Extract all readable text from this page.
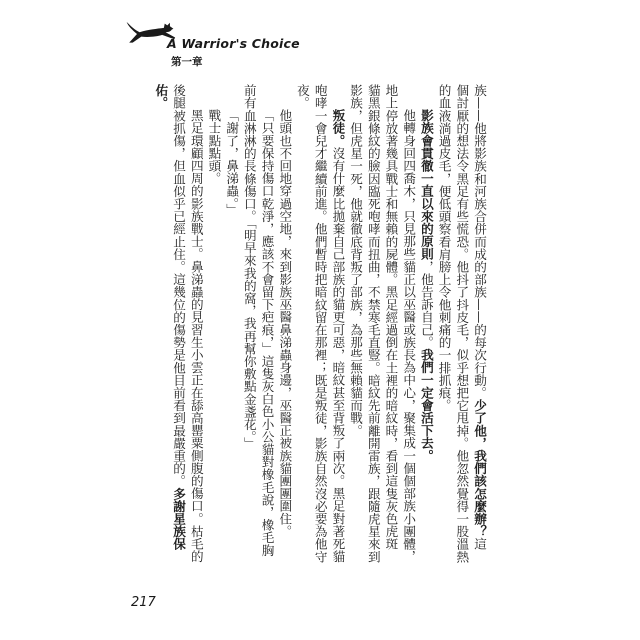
A Warrior's Choice
第一章
族——他將影族和河族合併而成的部族——的每次行動。少了他，我們該怎麼辦？這
個討厭的想法令黑足有些慌恐。他抖了抖皮毛，似乎想把它甩掉。他忽然覺得一股溫熱
的血液淌過皮毛，便低頭察看肩膀上令他刺痛的一排抓痕。
影族會貫徹一直以來的原則，他告訴自己。我們一定會活下去。
他轉身回四喬木，只見那些貓正以巫醫或族長為中心，聚集成一個個部族小團體，
地上停放著幾具戰士和無賴的屍體。黑足經過倒在土裡的暗紋時，看到這隻灰色虎斑
貓黑銀條紋的臉因臨死咆哮而扭曲，不禁寒毛直豎。暗紋先前離開雷族，跟隨虎星來到
影族，但虎星一死，他就徹底背叛了部族，為那些無賴貓而戰。
叛徒。沒有什麼比拋棄自己部族的貓更可惡，暗紋甚至背叛了兩次。黑足對著死貓
咆哮一會兒才繼續前進。他們暫時把暗紋留在那裡；既是叛徒，影族自然沒必要為他守
夜。
他頭也不回地穿過空地，來到影族巫醫鼻涕蟲身邊，巫醫正被族貓團團圍住。
「只要保持傷口乾淨，應該不會留下疤痕，」這隻灰白色小公貓對橡毛說，橡毛胸
前有血淋淋的長條傷口。「明早來我的窩，我再幫你敷點金盞花。」
「謝了，鼻涕蟲。」
戰士點點頭。
黑足環顧四周的影族戰士。鼻涕蟲的見習生小雲正在舔高罌粟側腹的傷口。枯毛的
後腿被抓傷，但血似乎已經止住。這幾位的傷勢是他目前看到最嚴重的。多謝星族保
佑。
217
